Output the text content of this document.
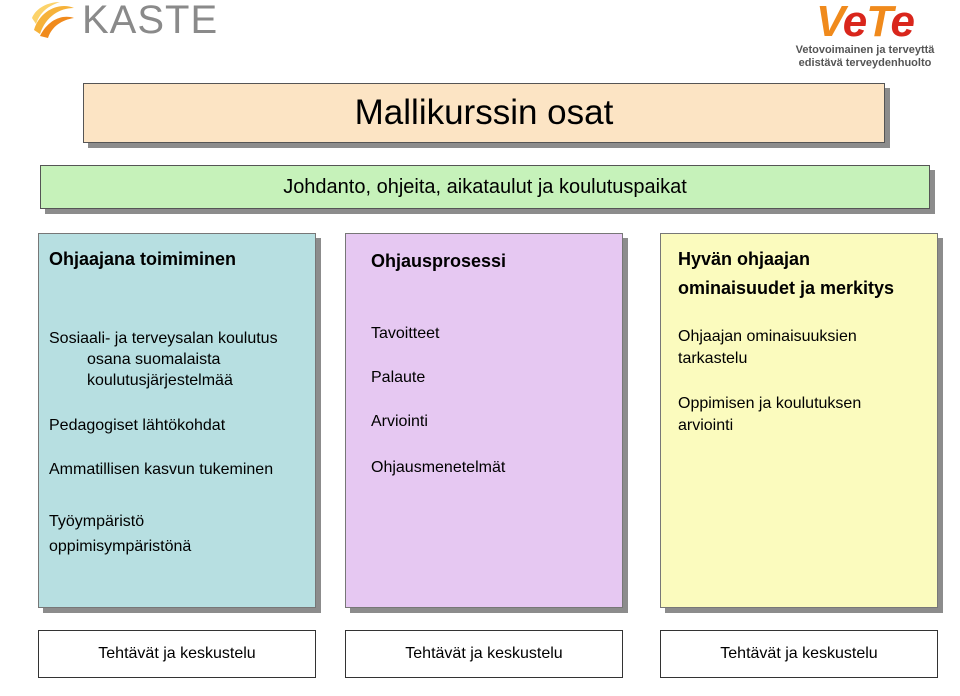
KASTE	VeTe
Vetovoimainen ja terveyttä
edistävä terveydenhuolto
Mallikurssin osat
Johdanto, ohjeita, aikataulut ja koulutuspaikat
Ohjaajana toimiminen
Sosiaali- ja terveysalan koulutus
osana suomalaista
koulutusjärjestelmää
Pedagogiset lähtökohdat
Ammatillisen kasvun tukeminen
Työympäristö
oppimisympäristönä
Ohjausprosessi
Tavoitteet
Palaute
Arviointi
Ohjausmenetelmät
Hyvän ohjaajan
ominaisuudet ja merkitys
Ohjaajan ominaisuuksien
tarkastelu
Oppimisen ja koulutuksen
arviointi
Tehtävät ja keskustelu	Tehtävät ja keskustelu	Tehtävät ja keskustelu
